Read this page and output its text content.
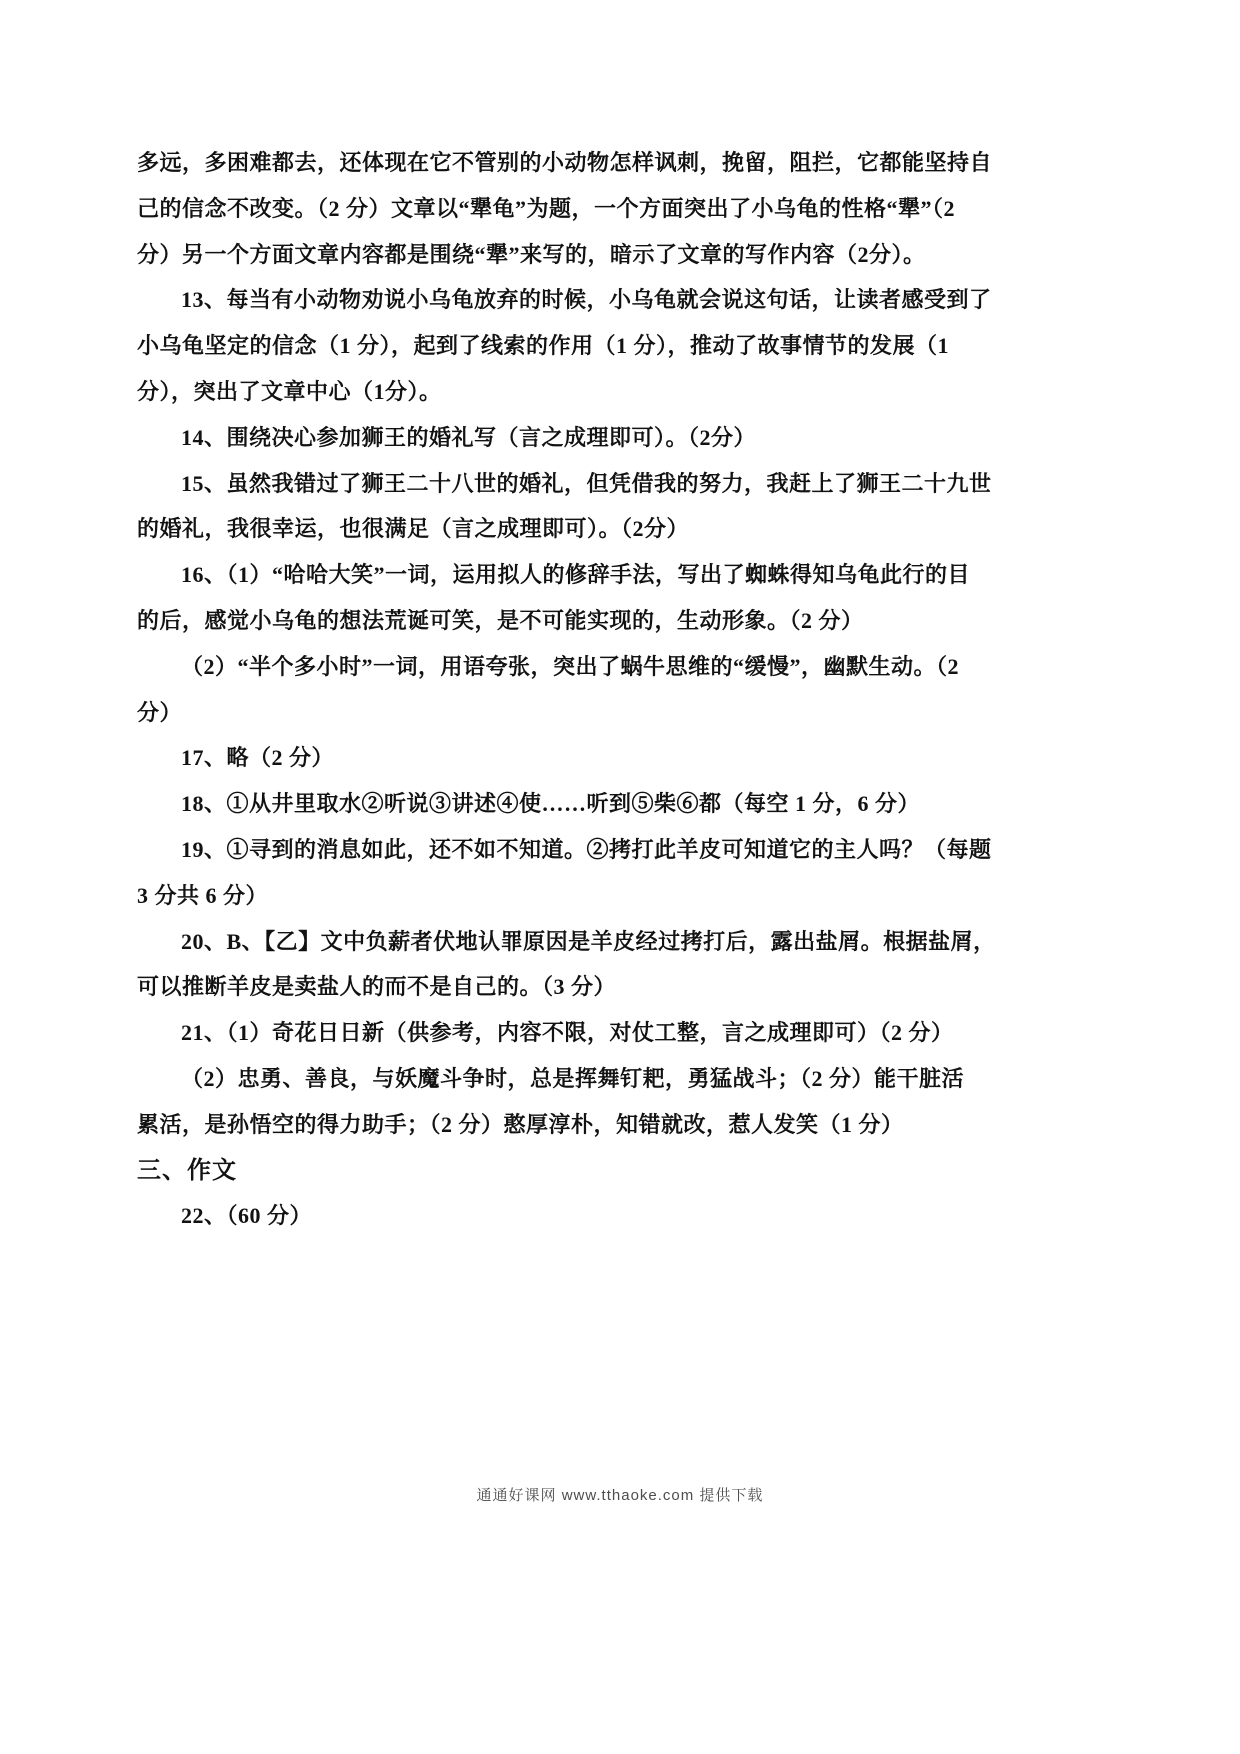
多远，多困难都去，还体现在它不管别的小动物怎样讽刺，挽留，阻拦，它都能坚持自
己的信念不改变。（2 分）文章以“犟龟”为题，一个方面突出了小乌龟的性格“犟”（2
分）另一个方面文章内容都是围绕“犟”来写的，暗示了文章的写作内容（2分）。
13、每当有小动物劝说小乌龟放弃的时候，小乌龟就会说这句话，让读者感受到了
小乌龟坚定的信念（1 分），起到了线索的作用（1 分），推动了故事情节的发展（1
分），突出了文章中心（1分）。
14、围绕决心参加狮王的婚礼写（言之成理即可）。（2分）
15、虽然我错过了狮王二十八世的婚礼，但凭借我的努力，我赶上了狮王二十九世
的婚礼，我很幸运，也很满足（言之成理即可）。（2分）
16、（1）“哈哈大笑”一词，运用拟人的修辞手法，写出了蜘蛛得知乌龟此行的目
的后，感觉小乌龟的想法荒诞可笑，是不可能实现的，生动形象。（2 分）
（2）“半个多小时”一词，用语夸张，突出了蜗牛思维的“缓慢”，幽默生动。（2
分）
17、略（2 分）
18、①从井里取水②听说③讲述④使……听到⑤柴⑥都（每空 1 分，6 分）
19、①寻到的消息如此，还不如不知道。②拷打此羊皮可知道它的主人吗？（每题
3 分共 6 分）
20、B、【乙】文中负薪者伏地认罪原因是羊皮经过拷打后，露出盐屑。根据盐屑，
可以推断羊皮是卖盐人的而不是自己的。（3 分）
21、（1）奇花日日新（供参考，内容不限，对仗工整，言之成理即可）（2 分）
（2）忠勇、善良，与妖魔斗争时，总是挥舞钉耙，勇猛战斗；（2 分）能干脏活
累活，是孙悟空的得力助手；（2 分）憨厚淳朴，知错就改，惹人发笑（1 分）
三、作文
22、（60 分）
通通好课网 www.tthaoke.com 提供下载
